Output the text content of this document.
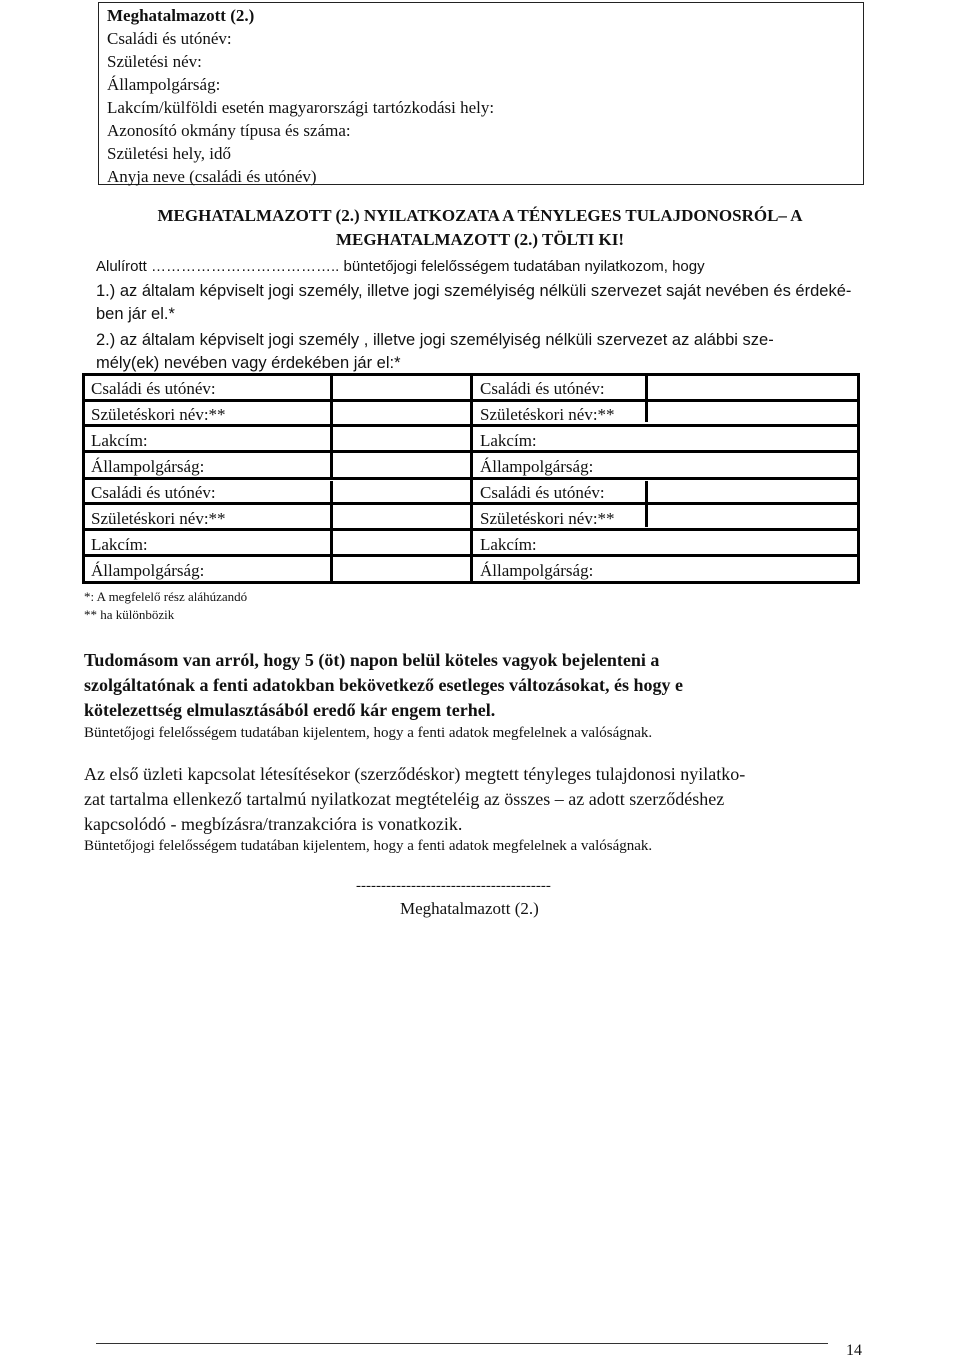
Meghatalmazott (2.)
Családi és utónév:
Születési név:
Állampolgárság:
Lakcím/külföldi esetén magyarországi tartózkodási hely:
Azonosító okmány típusa és száma:
Születési hely, idő
Anyja neve (családi és utónév)
MEGHATALMAZOTT (2.) NYILATKOZATA A TÉNYLEGES TULAJDONOSRÓL– A
MEGHATALMAZOTT (2.) TÖLTI KI!
Alulírott ……………………………….. büntetőjogi felelősségem tudatában nyilatkozom, hogy
1.) az általam képviselt jogi személy, illetve jogi személyiség nélküli szervezet saját nevében és érdeké-
ben jár el.*
2.) az általam képviselt jogi személy , illetve jogi személyiség nélküli szervezet az alábbi sze-
mély(ek) nevében vagy érdekében jár el:*
Családi és utónév:
Születéskori név:**
Lakcím:
Állampolgárság:
Családi és utónév:
Születéskori név:**
Lakcím:
Állampolgárság:
Családi és utónév:
Születéskori név:**
Lakcím:
Állampolgárság:
Családi és utónév:
Születéskori név:**
Lakcím:
Állampolgárság:
*: A megfelelő rész aláhúzandó
** ha különbözik
Tudomásom van arról, hogy 5 (öt) napon belül köteles vagyok bejelenteni a
szolgáltatónak a fenti adatokban bekövetkező esetleges változásokat, és hogy e
kötelezettség elmulasztásából eredő kár engem terhel.
Büntetőjogi felelősségem tudatában kijelentem, hogy a fenti adatok megfelelnek a valóságnak.
Az első üzleti kapcsolat létesítésekor (szerződéskor) megtett tényleges tulajdonosi nyilatko-
zat tartalma ellenkező tartalmú nyilatkozat megtételéig az összes – az adott szerződéshez
kapcsolódó - megbízásra/tranzakcióra is vonatkozik.
Büntetőjogi felelősségem tudatában kijelentem, hogy a fenti adatok megfelelnek a valóságnak.
---------------------------------------
Meghatalmazott (2.)
14
